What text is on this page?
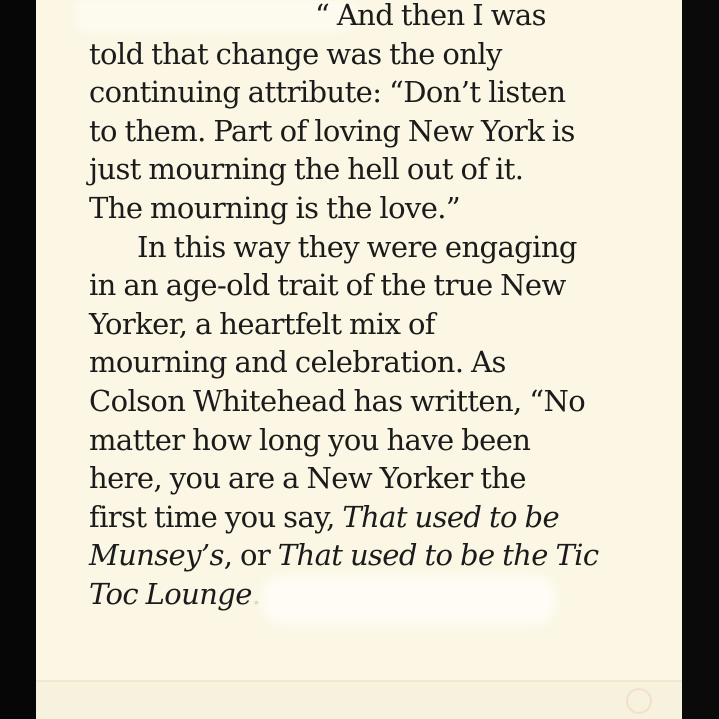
“ And then I was
told that change was the only
continuing attribute: “Don’t listen
to them. Part of loving New York is
just mourning the hell out of it.
The mourning is the love.”
In this way they were engaging
in an age-old trait of the true New
Yorker, a heartfelt mix of
mourning and celebration. As
Colson Whitehead has written, “No
matter how long you have been
here, you are a New Yorker the
first time you say, That used to be
Munsey’s, or That used to be the Tic
Toc Lounge.
